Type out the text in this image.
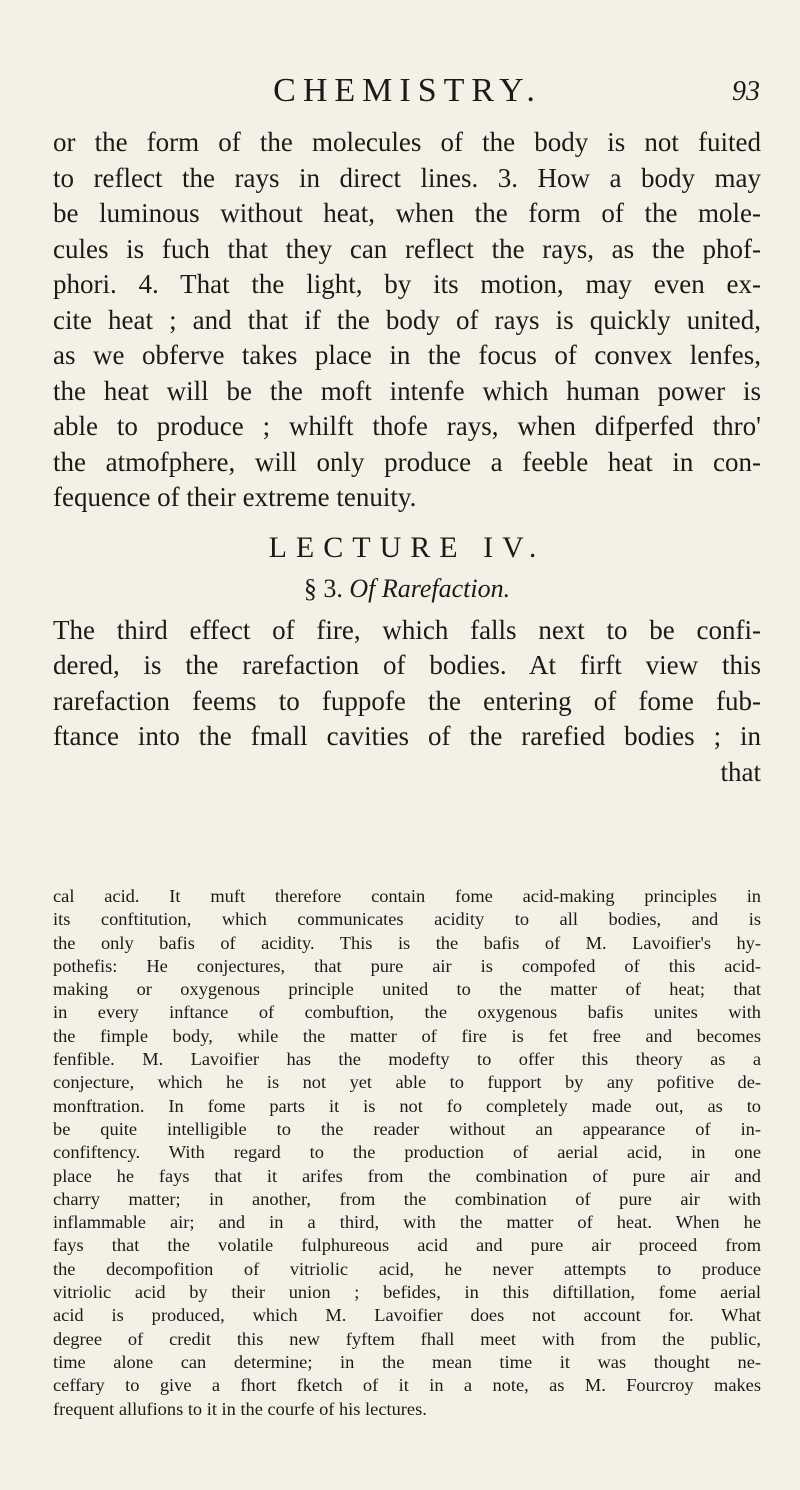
CHEMISTRY.	93

or the form of the molecules of the body is not fuited
to reflect the rays in direct lines. 3. How a body may
be luminous without heat, when the form of the mole-
cules is fuch that they can reflect the rays, as the phof-
phori. 4. That the light, by its motion, may even ex-
cite heat ; and that if the body of rays is quickly united,
as we obferve takes place in the focus of convex lenfes,
the heat will be the moft intenfe which human power is
able to produce ; whilft thofe rays, when difperfed thro'
the atmofphere, will only produce a feeble heat in con-
fequence of their extreme tenuity.

LECTURE IV.
§ 3. Of Rarefaction.

The third effect of fire, which falls next to be confi-
dered, is the rarefaction of bodies. At firft view this
rarefaction feems to fuppofe the entering of fome fub-
ftance into the fmall cavities of the rarefied bodies ; in
that

cal acid. It muft therefore contain fome acid-making principles in
its conftitution, which communicates acidity to all bodies, and is
the only bafis of acidity. This is the bafis of M. Lavoifier's hy-
pothefis: He conjectures, that pure air is compofed of this acid-
making or oxygenous principle united to the matter of heat; that
in every inftance of combuftion, the oxygenous bafis unites with
the fimple body, while the matter of fire is fet free and becomes
fenfible. M. Lavoifier has the modefty to offer this theory as a
conjecture, which he is not yet able to fupport by any pofitive de-
monftration. In fome parts it is not fo completely made out, as to
be quite intelligible to the reader without an appearance of in-
confiftency. With regard to the production of aerial acid, in one
place he fays that it arifes from the combination of pure air and
charry matter; in another, from the combination of pure air with
inflammable air; and in a third, with the matter of heat. When he
fays that the volatile fulphureous acid and pure air proceed from
the decompofition of vitriolic acid, he never attempts to produce
vitriolic acid by their union ; befides, in this diftillation, fome aerial
acid is produced, which M. Lavoifier does not account for. What
degree of credit this new fyftem fhall meet with from the public,
time alone can determine; in the mean time it was thought ne-
ceffary to give a fhort fketch of it in a note, as M. Fourcroy makes
frequent allufions to it in the courfe of his lectures.
